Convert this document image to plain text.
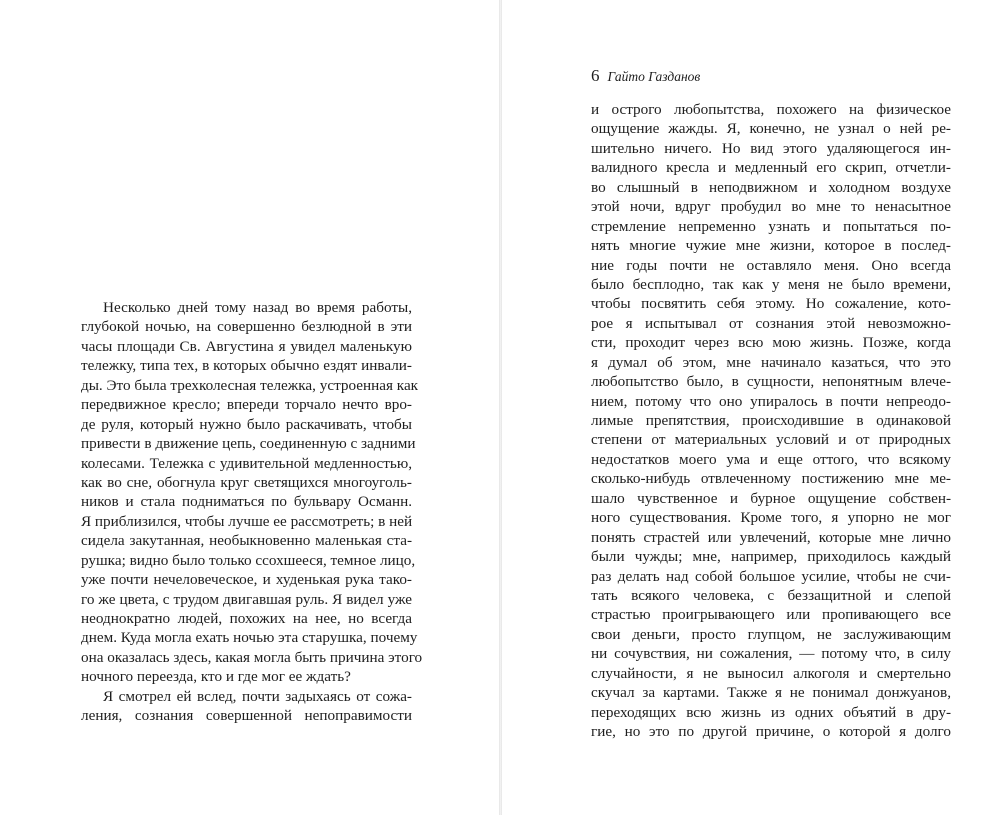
Несколько дней тому назад во время работы,
глубокой ночью, на совершенно безлюдной в эти
часы площади Св. Августина я увидел маленькую
тележку, типа тех, в которых обычно ездят инвали-
ды. Это была трехколесная тележка, устроенная как
передвижное кресло; впереди торчало нечто вро-
де руля, который нужно было раскачивать, чтобы
привести в движение цепь, соединенную с задними
колесами. Тележка с удивительной медленностью,
как во сне, обогнула круг светящихся многоуголь-
ников и стала подниматься по бульвару Османн.
Я приблизился, чтобы лучше ее рассмотреть; в ней
сидела закутанная, необыкновенно маленькая ста-
рушка; видно было только ссохшееся, темное лицо,
уже почти нечеловеческое, и худенькая рука тако-
го же цвета, с трудом двигавшая руль. Я видел уже
неоднократно людей, похожих на нее, но всегда
днем. Куда могла ехать ночью эта старушка, почему
она оказалась здесь, какая могла быть причина этого
ночного переезда, кто и где мог ее ждать?
Я смотрел ей вслед, почти задыхаясь от сожа-
ления, сознания совершенной непоправимости
6 Гайто Газданов
и острого любопытства, похожего на физическое
ощущение жажды. Я, конечно, не узнал о ней ре-
шительно ничего. Но вид этого удаляющегося ин-
валидного кресла и медленный его скрип, отчетли-
во слышный в неподвижном и холодном воздухе
этой ночи, вдруг пробудил во мне то ненасытное
стремление непременно узнать и попытаться по-
нять многие чужие мне жизни, которое в послед-
ние годы почти не оставляло меня. Оно всегда
было бесплодно, так как у меня не было времени,
чтобы посвятить себя этому. Но сожаление, кото-
рое я испытывал от сознания этой невозможно-
сти, проходит через всю мою жизнь. Позже, когда
я думал об этом, мне начинало казаться, что это
любопытство было, в сущности, непонятным влече-
нием, потому что оно упиралось в почти непреодо-
лимые препятствия, происходившие в одинаковой
степени от материальных условий и от природных
недостатков моего ума и еще оттого, что всякому
сколько-нибудь отвлеченному постижению мне ме-
шало чувственное и бурное ощущение собствен-
ного существования. Кроме того, я упорно не мог
понять страстей или увлечений, которые мне лично
были чужды; мне, например, приходилось каждый
раз делать над собой большое усилие, чтобы не счи-
тать всякого человека, с беззащитной и слепой
страстью проигрывающего или пропивающего все
свои деньги, просто глупцом, не заслуживающим
ни сочувствия, ни сожаления, — потому что, в силу
случайности, я не выносил алкоголя и смертельно
скучал за картами. Также я не понимал донжуанов,
переходящих всю жизнь из одних объятий в дру-
гие, но это по другой причине, о которой я долго
